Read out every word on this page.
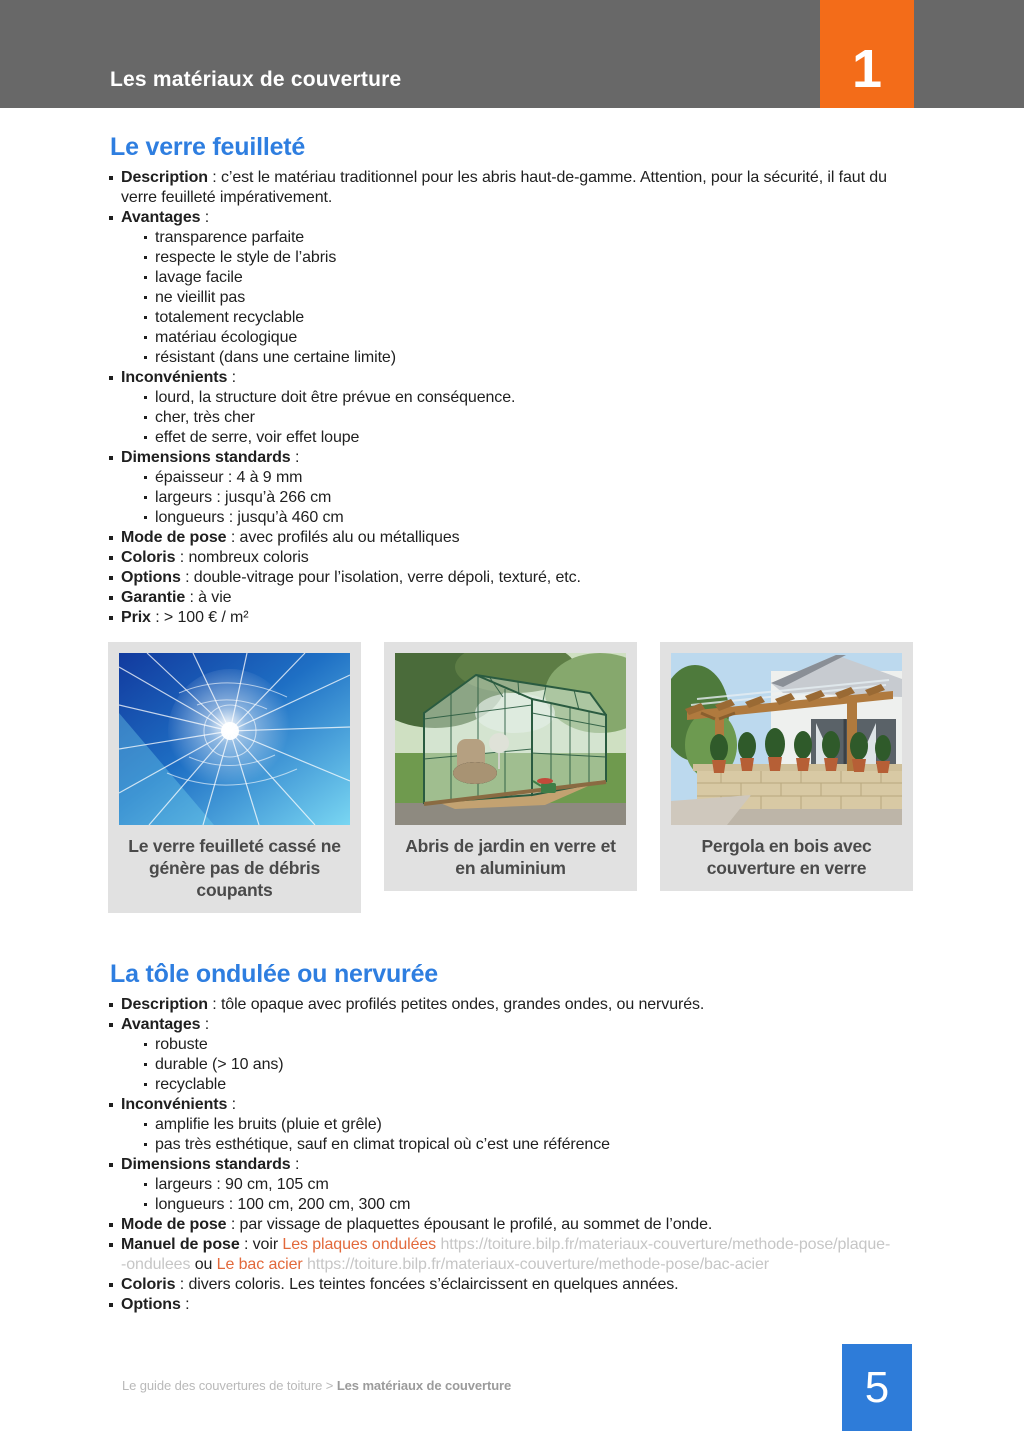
Les matériaux de couverture	1
Le verre feuilleté
Description : c’est le matériau traditionnel pour les abris haut-de-gamme. Attention, pour la sécurité, il faut du verre feuilleté impérativement.
Avantages :
transparence parfaite
respecte le style de l’abris
lavage facile
ne vieillit pas
totalement recyclable
matériau écologique
résistant (dans une certaine limite)
Inconvénients :
lourd, la structure doit être prévue en conséquence.
cher, très cher
effet de serre, voir effet loupe
Dimensions standards :
épaisseur : 4 à 9 mm
largeurs : jusqu’à 266 cm
longueurs : jusqu’à 460 cm
Mode de pose : avec profilés alu ou métalliques
Coloris : nombreux coloris
Options : double-vitrage pour l’isolation, verre dépoli, texturé, etc.
Garantie : à vie
Prix : > 100 € / m²
Le verre feuilleté cassé ne génère pas de débris coupants
Abris de jardin en verre et en aluminium
Pergola en bois avec couverture en verre
La tôle ondulée ou nervurée
Description : tôle opaque avec profilés petites ondes, grandes ondes, ou nervurés.
Avantages :
robuste
durable (> 10 ans)
recyclable
Inconvénients :
amplifie les bruits (pluie et grêle)
pas très esthétique, sauf en climat tropical où c’est une référence
Dimensions standards :
largeurs : 90 cm, 105 cm
longueurs : 100 cm, 200 cm, 300 cm
Mode de pose : par vissage de plaquettes épousant le profilé, au sommet de l’onde.
Manuel de pose : voir Les plaques ondulées https://toiture.bilp.fr/materiaux-couverture/methode-pose/plaque-
-ondulees ou Le bac acier https://toiture.bilp.fr/materiaux-couverture/methode-pose/bac-acier
Coloris : divers coloris. Les teintes foncées s’éclaircissent en quelques années.
Options :
Le guide des couvertures de toiture > Les matériaux de couverture	5
